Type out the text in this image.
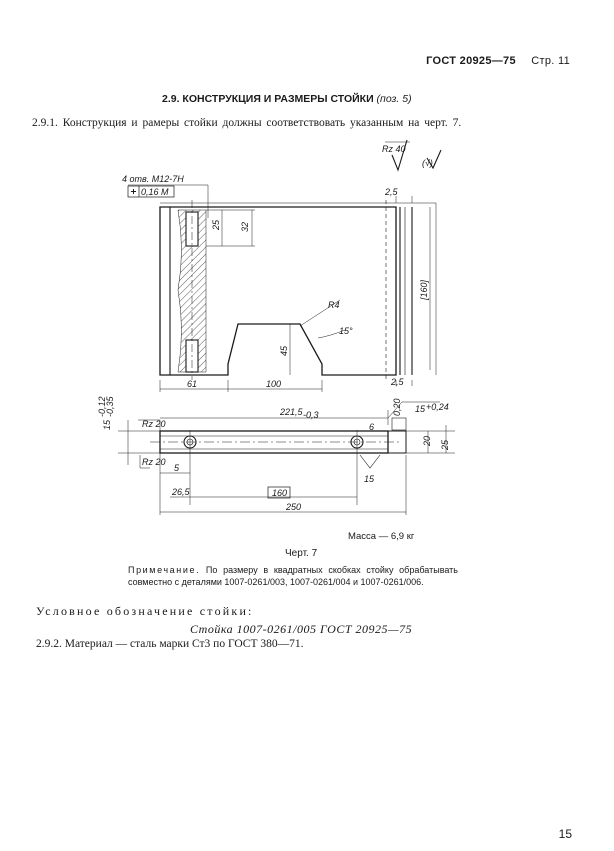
ГОСТ 20925—75 Стр. 11
2.9. КОНСТРУКЦИЯ И РАЗМЕРЫ СТОЙКИ (поз. 5)
2.9.1. Конструкция и рамеры стойки должны соответствовать указанным на черт. 7.
Rz 40
(√)
4 отв. М12-7Н
0,16 М	2,5
2,5
32
25
[160]
R4
15°
45
61	100
221,5 -0,3
15
-0,12
-0,35
Rz 20
Rz 20
15 +0,24
0,20
6
20 25
5
26,5	160
250
15
Масса — 6,9 кг
Черт. 7
Примечание. По размеру в квадратных скобках стойку обрабатывать совместно с деталями 1007-0261/003, 1007-0261/004 и 1007-0261/006.
Условное обозначение стойки:
Стойка 1007-0261/005 ГОСТ 20925—75
2.9.2. Материал — сталь марки Ст3 по ГОСТ 380—71.
15
